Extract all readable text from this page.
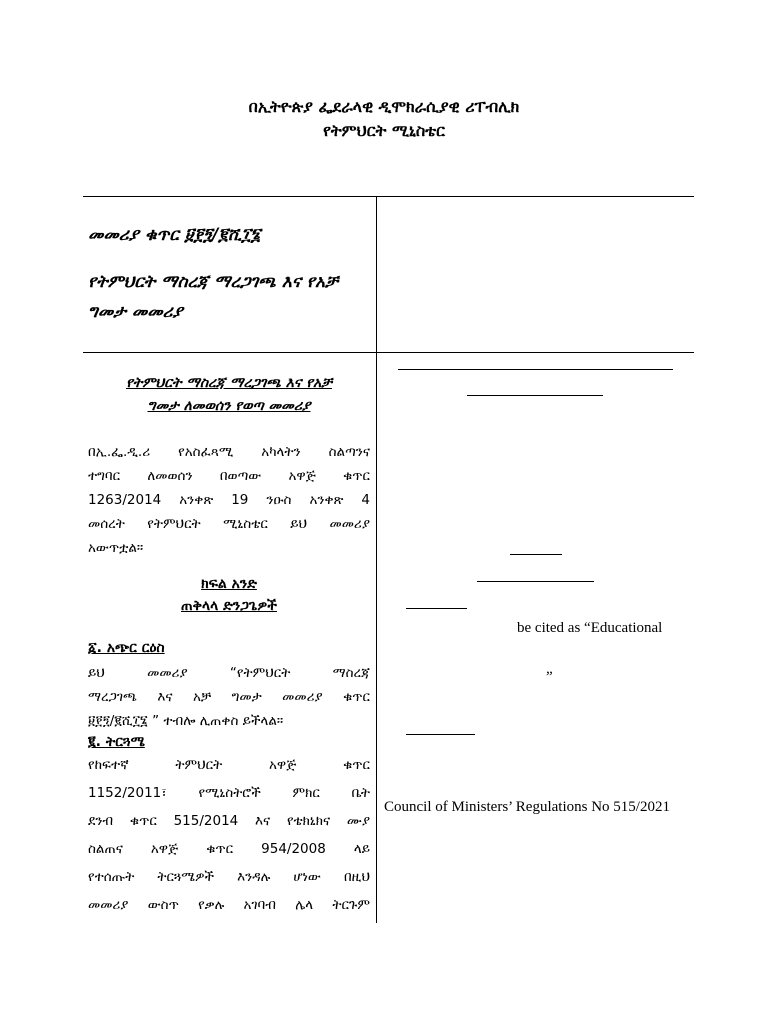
በኢትዮጵያ ፌደራላዊ ዲሞክራሲያዊ ሪፐብሊክ
የትምህርት ሚኒስቴር
መመሪያ ቁጥር ፱፻፺/፪ሺ፲፮
የትምህርት ማስረጃ ማረጋገጫ እና የአቻ
ግመታ መመሪያ
የትምህርት ማስረጃ ማረጋገጫ እና የአቻ
ግመታ ለመወሰን የወጣ መመሪያ
በኢ.ፌ.ዲ.ሪ የአስፈጻሚ አካላትን ስልጣንና
ተግባር ለመወሰን በወጣው አዋጅ ቁጥር
1263/2014 አንቀጽ 19 ንዑስ አንቀጽ 4
መሰረት የትምህርት ሚኒስቴር ይህ መመሪያ
አውጥቷል።
ክፍል አንድ
ጠቅላላ ድንጋጌዎች
፩. አጭር ርዕስ
ይህ መመሪያ “የትምህርት ማስረጃ
ማረጋገጫ እና አቻ ግመታ መመሪያ ቁጥር
፱፻፺/፪ሺ፲፮ ” ተብሎ ሊጠቀስ ይችላል።
፪. ትርጓሜ
የከፍተኛ ትምህርት አዋጅ ቁጥር
1152/2011፣ የሚኒስትሮች ምክር ቤት
ደንብ ቁጥር 515/2014 እና የቴክኒክና ሙያ
ስልጠና አዋጅ ቁጥር 954/2008 ላይ
የተሰጡት ትርጓሜዎች እንዳሉ ሆነው በዚህ
መመሪያ ውስጥ የቃሉ አገባብ ሌላ ትርጉም
be cited as “Educational
”
Council of Ministers’ Regulations No 515/2021
